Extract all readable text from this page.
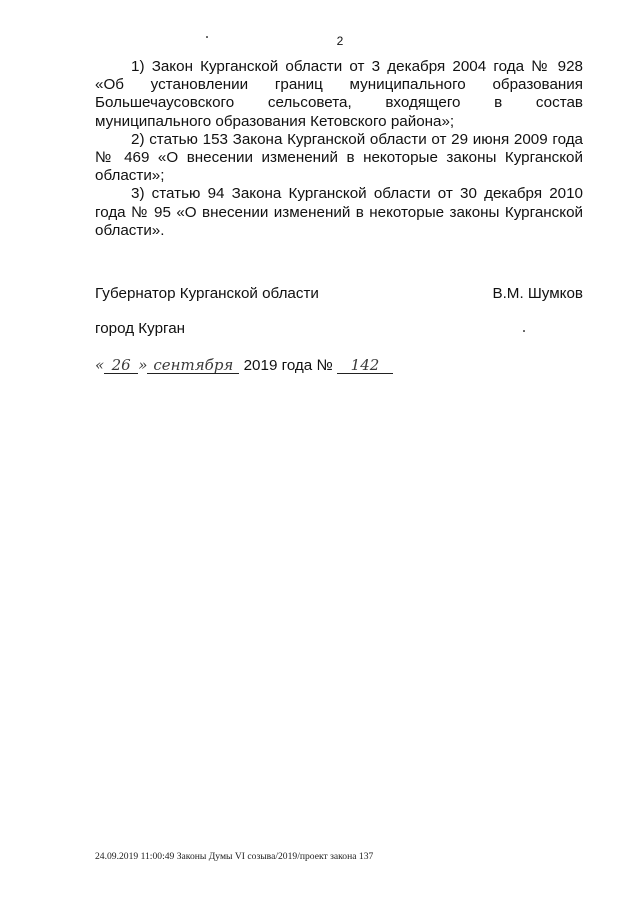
2

1) Закон Курганской области от 3 декабря 2004 года № 928 «Об установлении границ муниципального образования Большечаусовского сельсовета, входящего в состав муниципального образования Кетовского района»;

2) статью 153 Закона Курганской области от 29 июня 2009 года № 469 «О внесении изменений в некоторые законы Курганской области»;

3) статью 94 Закона Курганской области от 30 декабря 2010 года № 95 «О внесении изменений в некоторые законы Курганской области».

Губернатор Курганской области	В.М. Шумков
город Курган
« 26 » сентября 2019 года № 142
24.09.2019 11:00:49 Законы Думы VI созыва/2019/проект закона 137
